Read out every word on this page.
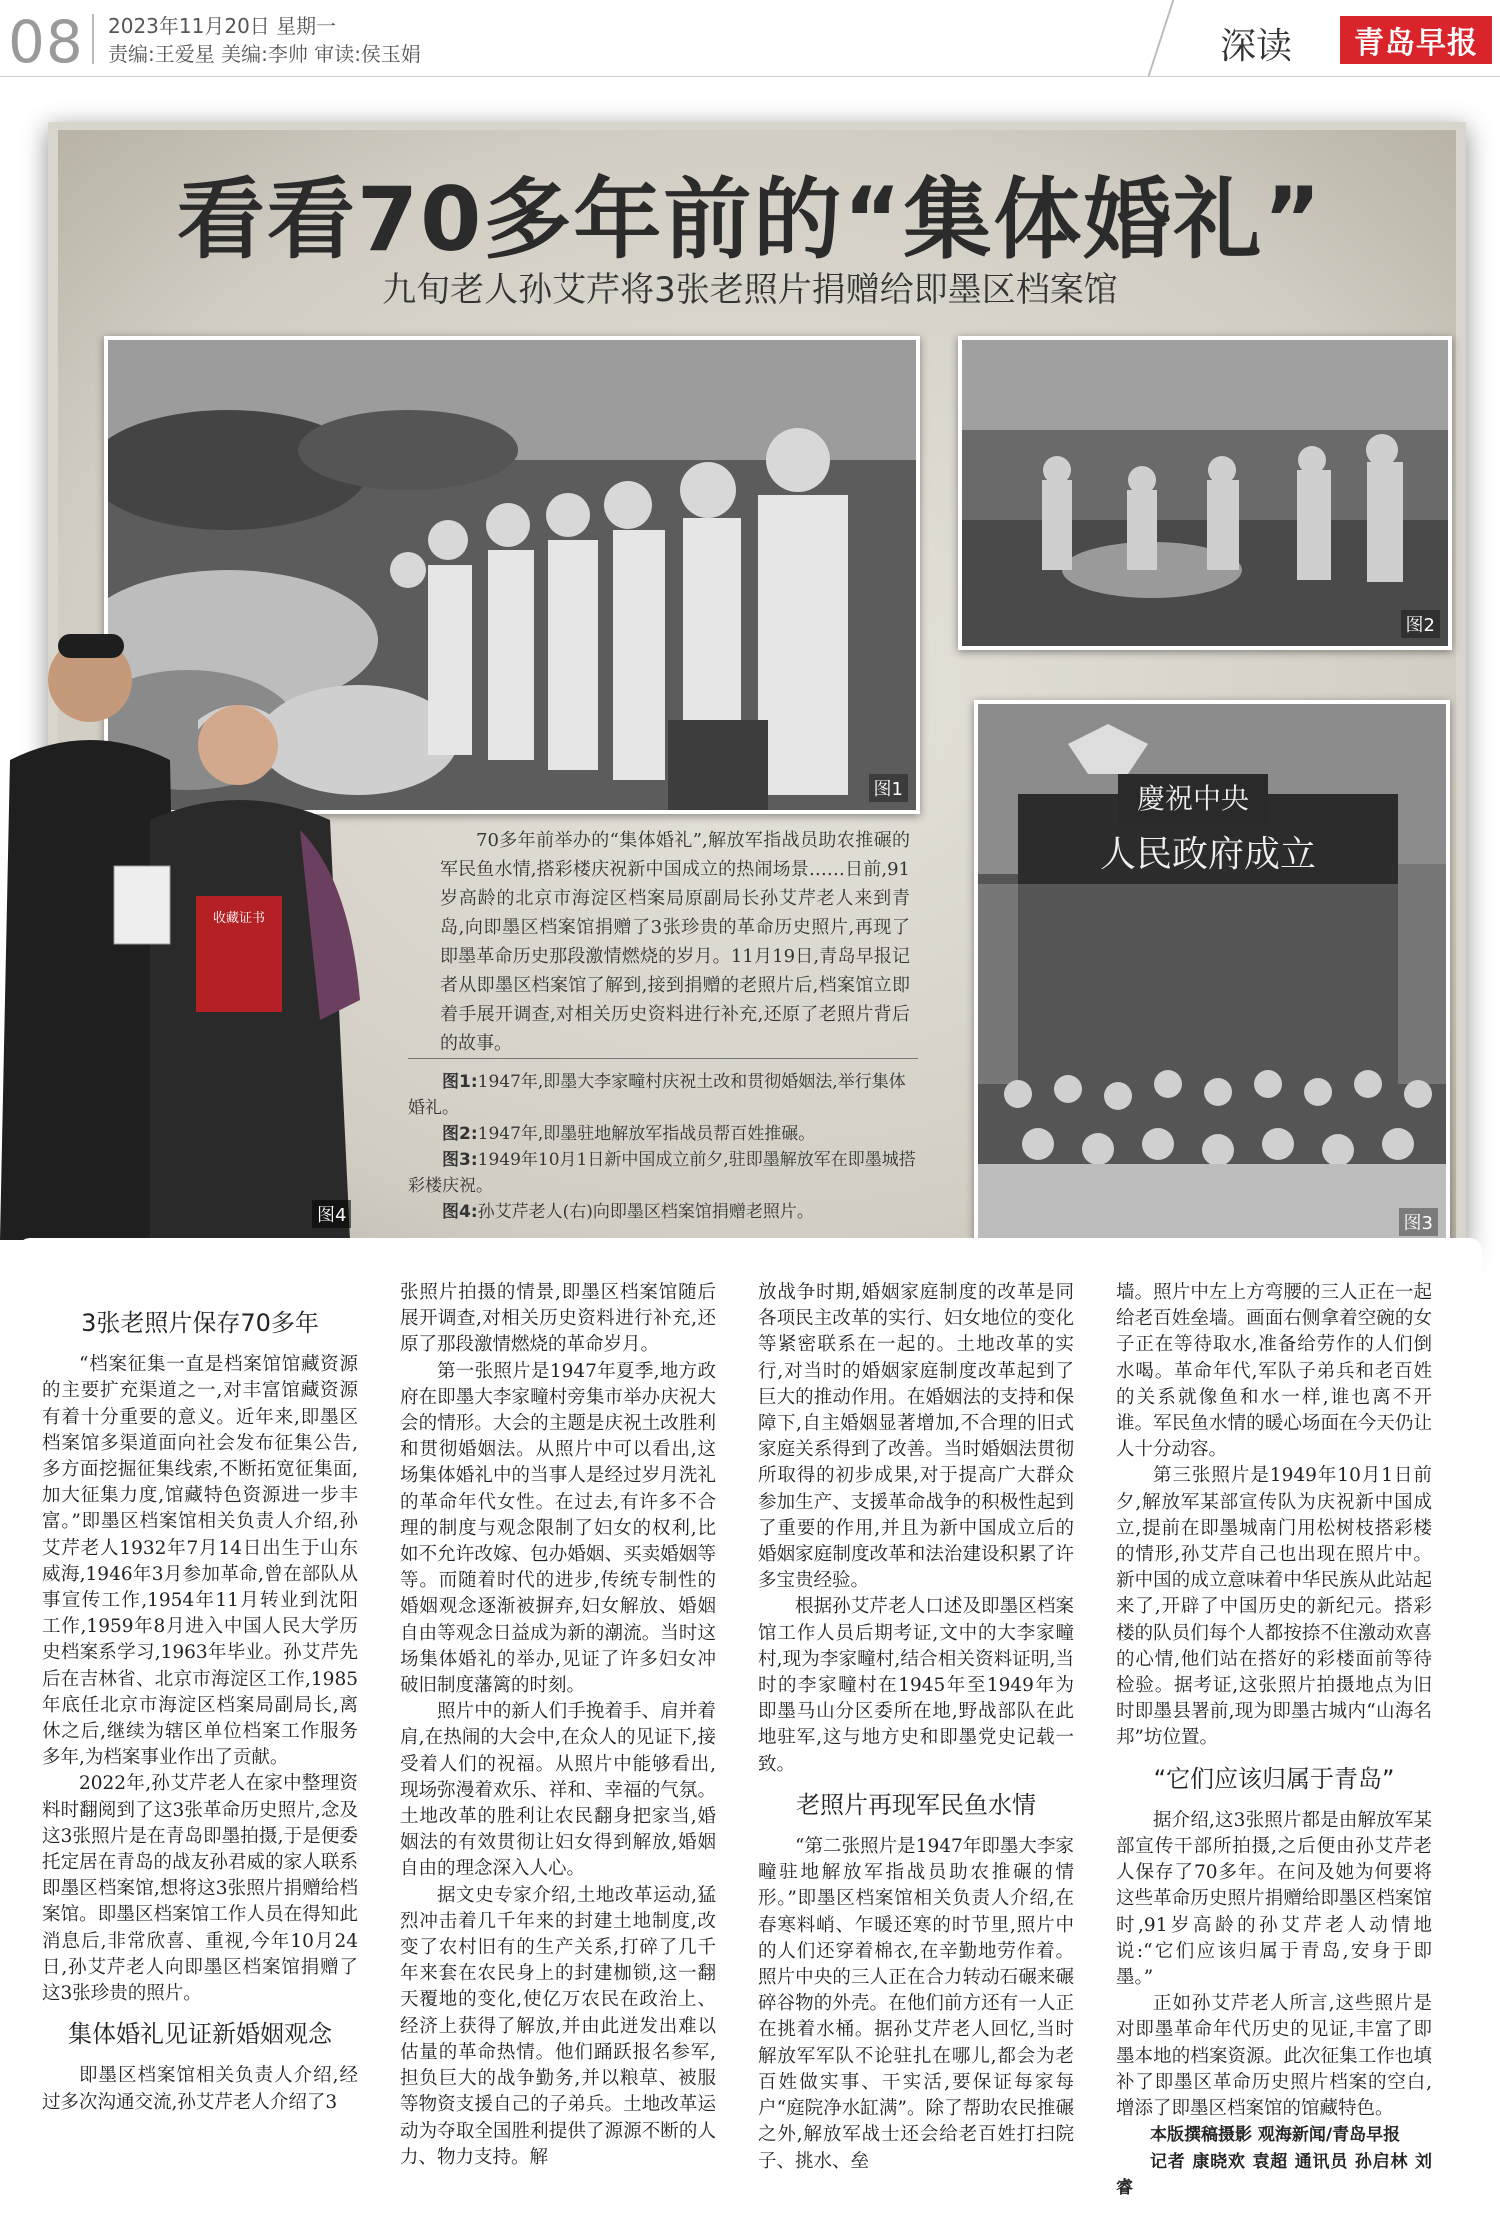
08 2023年11月20日 星期一
责编:王爱星 美编:李帅 审读:侯玉娟	深读	青岛早报
看看70多年前的“集体婚礼”
九旬老人孙艾芹将3张老照片捐赠给即墨区档案馆
图1
图2
慶祝中央
人民政府成立
图3
收藏证书
图4
70多年前举办的“集体婚礼”,解放军指战员助农推碾的军民鱼水情,搭彩楼庆祝新中国成立的热闹场景……日前,91岁高龄的北京市海淀区档案局原副局长孙艾芹老人来到青岛,向即墨区档案馆捐赠了3张珍贵的革命历史照片,再现了即墨革命历史那段激情燃烧的岁月。11月19日,青岛早报记者从即墨区档案馆了解到,接到捐赠的老照片后,档案馆立即着手展开调查,对相关历史资料进行补充,还原了老照片背后的故事。

图1:1947年,即墨大李家疃村庆祝土改和贯彻婚姻法,举行集体婚礼。

图2:1947年,即墨驻地解放军指战员帮百姓推碾。

图3:1949年10月1日新中国成立前夕,驻即墨解放军在即墨城搭彩楼庆祝。

图4:孙艾芹老人(右)向即墨区档案馆捐赠老照片。

3张老照片保存70多年

“档案征集一直是档案馆馆藏资源的主要扩充渠道之一,对丰富馆藏资源有着十分重要的意义。近年来,即墨区档案馆多渠道面向社会发布征集公告,多方面挖掘征集线索,不断拓宽征集面,加大征集力度,馆藏特色资源进一步丰富。”即墨区档案馆相关负责人介绍,孙艾芹老人1932年7月14日出生于山东威海,1946年3月参加革命,曾在部队从事宣传工作,1954年11月转业到沈阳工作,1959年8月进入中国人民大学历史档案系学习,1963年毕业。孙艾芹先后在吉林省、北京市海淀区工作,1985年底任北京市海淀区档案局副局长,离休之后,继续为辖区单位档案工作服务多年,为档案事业作出了贡献。

2022年,孙艾芹老人在家中整理资料时翻阅到了这3张革命历史照片,念及这3张照片是在青岛即墨拍摄,于是便委托定居在青岛的战友孙君威的家人联系即墨区档案馆,想将这3张照片捐赠给档案馆。即墨区档案馆工作人员在得知此消息后,非常欣喜、重视,今年10月24日,孙艾芹老人向即墨区档案馆捐赠了这3张珍贵的照片。

集体婚礼见证新婚姻观念

即墨区档案馆相关负责人介绍,经过多次沟通交流,孙艾芹老人介绍了3

张照片拍摄的情景,即墨区档案馆随后展开调查,对相关历史资料进行补充,还原了那段激情燃烧的革命岁月。

第一张照片是1947年夏季,地方政府在即墨大李家疃村旁集市举办庆祝大会的情形。大会的主题是庆祝土改胜利和贯彻婚姻法。从照片中可以看出,这场集体婚礼中的当事人是经过岁月洗礼的革命年代女性。在过去,有许多不合理的制度与观念限制了妇女的权利,比如不允许改嫁、包办婚姻、买卖婚姻等等。而随着时代的进步,传统专制性的婚姻观念逐渐被摒弃,妇女解放、婚姻自由等观念日益成为新的潮流。当时这场集体婚礼的举办,见证了许多妇女冲破旧制度藩篱的时刻。

照片中的新人们手挽着手、肩并着肩,在热闹的大会中,在众人的见证下,接受着人们的祝福。从照片中能够看出,现场弥漫着欢乐、祥和、幸福的气氛。土地改革的胜利让农民翻身把家当,婚姻法的有效贯彻让妇女得到解放,婚姻自由的理念深入人心。

据文史专家介绍,土地改革运动,猛烈冲击着几千年来的封建土地制度,改变了农村旧有的生产关系,打碎了几千年来套在农民身上的封建枷锁,这一翻天覆地的变化,使亿万农民在政治上、经济上获得了解放,并由此迸发出难以估量的革命热情。他们踊跃报名参军,担负巨大的战争勤务,并以粮草、被服等物资支援自己的子弟兵。土地改革运动为夺取全国胜利提供了源源不断的人力、物力支持。解

放战争时期,婚姻家庭制度的改革是同各项民主改革的实行、妇女地位的变化等紧密联系在一起的。土地改革的实行,对当时的婚姻家庭制度改革起到了巨大的推动作用。在婚姻法的支持和保障下,自主婚姻显著增加,不合理的旧式家庭关系得到了改善。当时婚姻法贯彻所取得的初步成果,对于提高广大群众参加生产、支援革命战争的积极性起到了重要的作用,并且为新中国成立后的婚姻家庭制度改革和法治建设积累了许多宝贵经验。

根据孙艾芹老人口述及即墨区档案馆工作人员后期考证,文中的大李家疃村,现为李家疃村,结合相关资料证明,当时的李家疃村在1945年至1949年为即墨马山分区委所在地,野战部队在此地驻军,这与地方史和即墨党史记载一致。

老照片再现军民鱼水情

“第二张照片是1947年即墨大李家疃驻地解放军指战员助农推碾的情形。”即墨区档案馆相关负责人介绍,在春寒料峭、乍暖还寒的时节里,照片中的人们还穿着棉衣,在辛勤地劳作着。照片中央的三人正在合力转动石碾来碾碎谷物的外壳。在他们前方还有一人正在挑着水桶。据孙艾芹老人回忆,当时解放军军队不论驻扎在哪儿,都会为老百姓做实事、干实活,要保证每家每户“庭院净水缸满”。除了帮助农民推碾之外,解放军战士还会给老百姓打扫院子、挑水、垒

墙。照片中左上方弯腰的三人正在一起给老百姓垒墙。画面右侧拿着空碗的女子正在等待取水,准备给劳作的人们倒水喝。革命年代,军队子弟兵和老百姓的关系就像鱼和水一样,谁也离不开谁。军民鱼水情的暖心场面在今天仍让人十分动容。

第三张照片是1949年10月1日前夕,解放军某部宣传队为庆祝新中国成立,提前在即墨城南门用松树枝搭彩楼的情形,孙艾芹自己也出现在照片中。新中国的成立意味着中华民族从此站起来了,开辟了中国历史的新纪元。搭彩楼的队员们每个人都按捺不住激动欢喜的心情,他们站在搭好的彩楼面前等待检验。据考证,这张照片拍摄地点为旧时即墨县署前,现为即墨古城内“山海名邦”坊位置。

“它们应该归属于青岛”

据介绍,这3张照片都是由解放军某部宣传干部所拍摄,之后便由孙艾芹老人保存了70多年。在问及她为何要将这些革命历史照片捐赠给即墨区档案馆时,91岁高龄的孙艾芹老人动情地说:“它们应该归属于青岛,安身于即墨。”

正如孙艾芹老人所言,这些照片是对即墨革命年代历史的见证,丰富了即墨本地的档案资源。此次征集工作也填补了即墨区革命历史照片档案的空白,增添了即墨区档案馆的馆藏特色。

本版撰稿摄影 观海新闻/青岛早报

记者 康晓欢 袁超 通讯员 孙启林 刘睿
